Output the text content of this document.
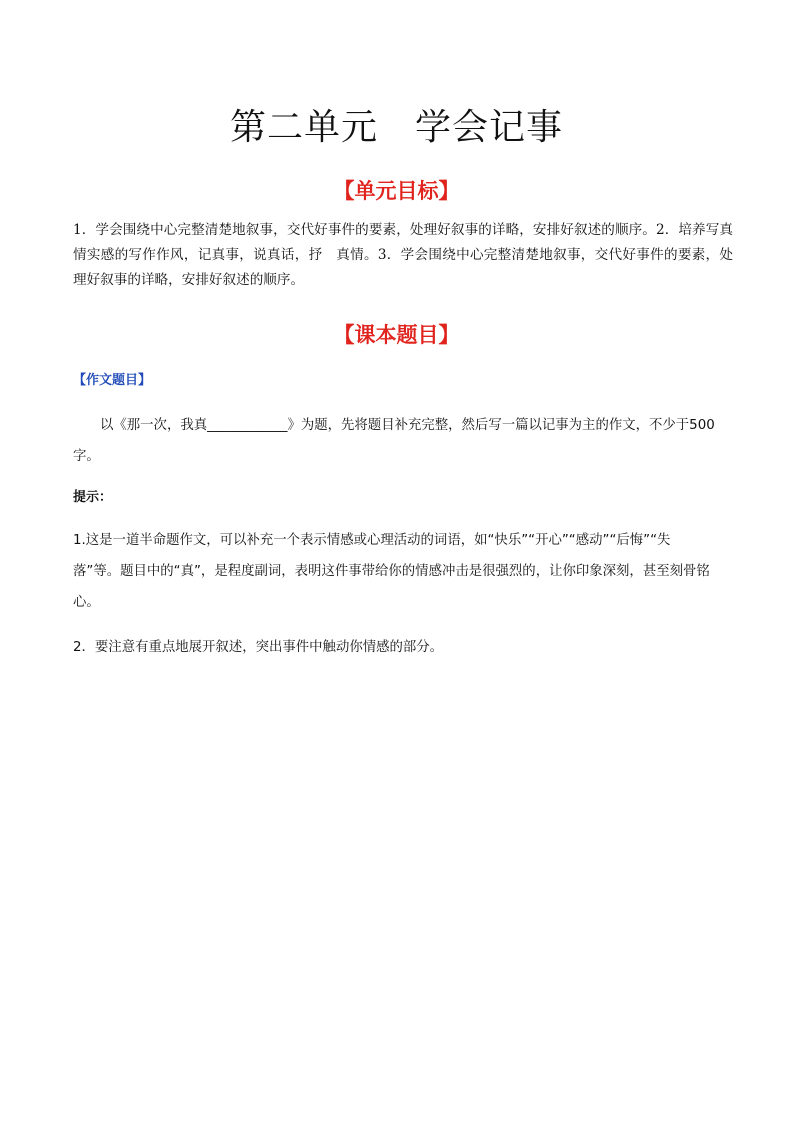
第二单元　学会记事
【单元目标】
1．学会围绕中心完整清楚地叙事，交代好事件的要素，处理好叙事的详略，安排好叙述的顺序。2．培养写真情实感的写作作风，记真事，说真话，抒　真情。3．学会围绕中心完整清楚地叙事，交代好事件的要素，处理好叙事的详略，安排好叙述的顺序。
【课本题目】
【作文题目】
以《那一次，我真____________》为题，先将题目补充完整，然后写一篇以记事为主的作文，不少于500 字。
提示：
1.这是一道半命题作文，可以补充一个表示情感或心理活动的词语，如“快乐”“开心”“感动”“后悔”“失落”等。题目中的“真”，是程度副词，表明这件事带给你的情感冲击是很强烈的，让你印象深刻，甚至刻骨铭心。
2．要注意有重点地展开叙述，突出事件中触动你情感的部分。
